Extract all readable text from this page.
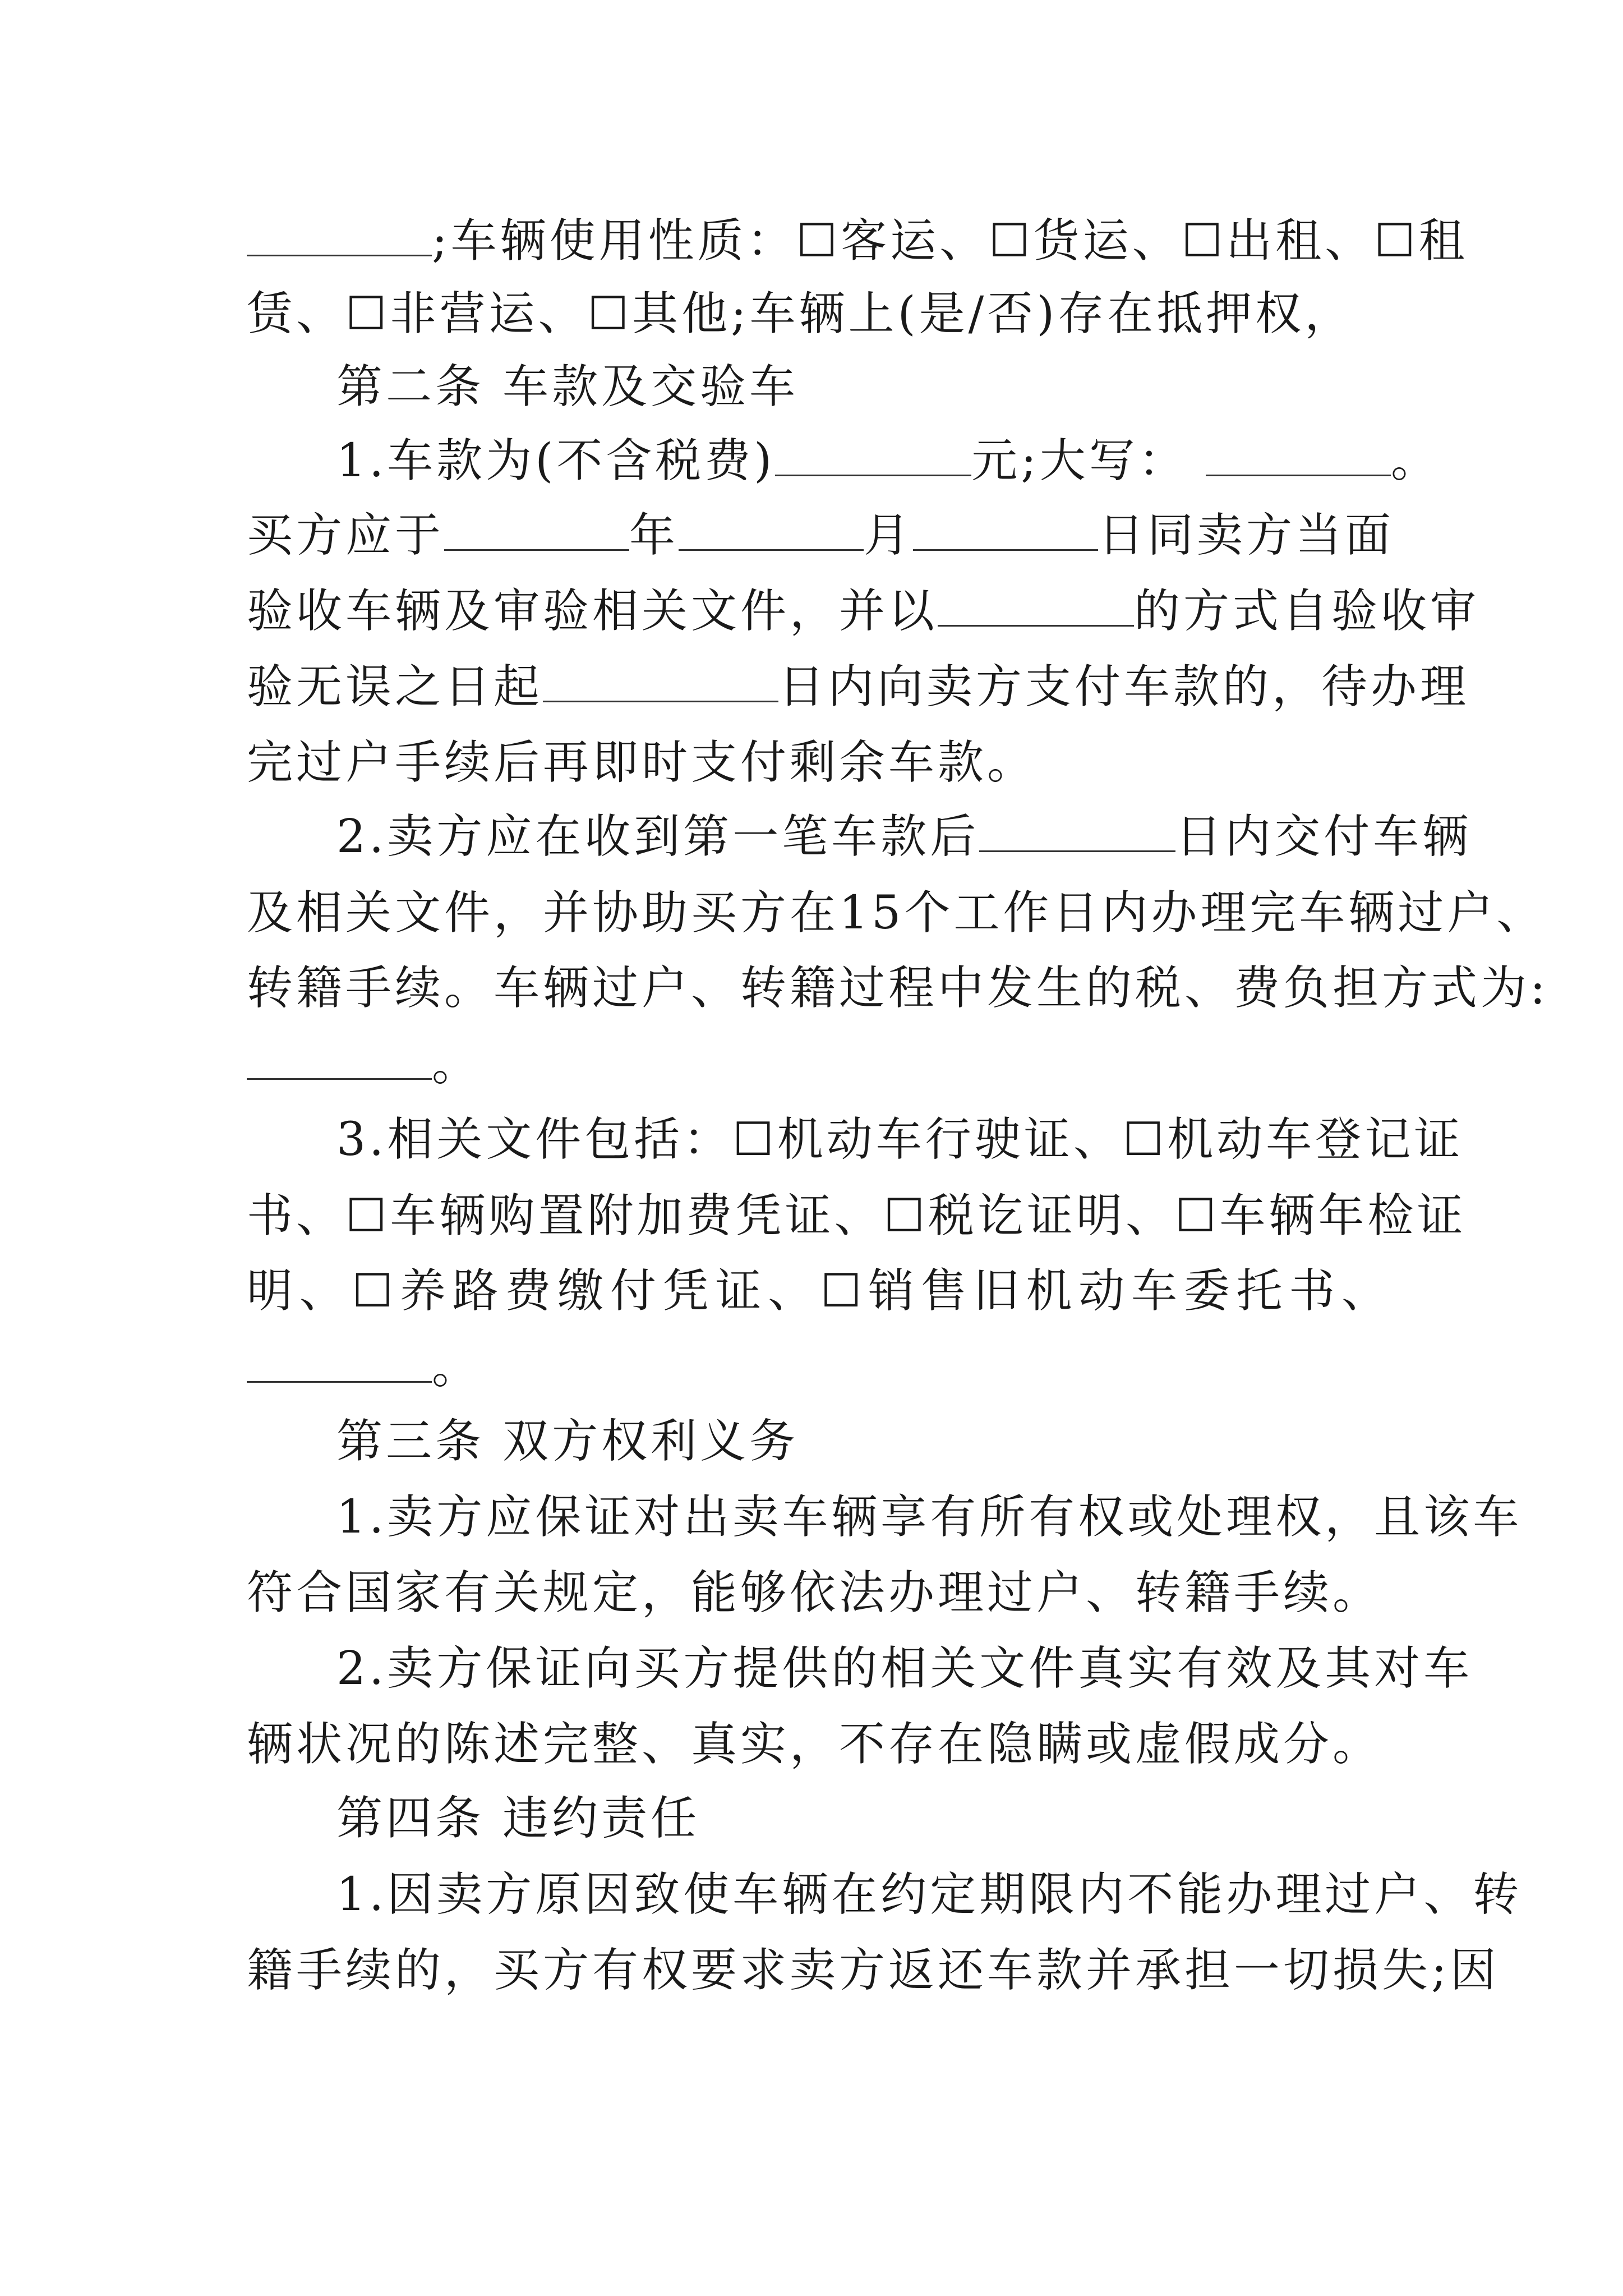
;车辆使用性质：☐客运、☐货运、☐出租、☐租
赁、☐非营运、☐其他;车辆上(是/否)存在抵押权，
第二条 车款及交验车
1.车款为(不含税费)	元;大写：	。
买方应于	年	月	日同卖方当面
验收车辆及审验相关文件，并以	的方式自验收审
验无误之日起	日内向卖方支付车款的，待办理
完过户手续后再即时支付剩余车款。
2.卖方应在收到第一笔车款后	日内交付车辆
及相关文件，并协助买方在15个工作日内办理完车辆过户、
转籍手续。车辆过户、转籍过程中发生的税、费负担方式为:
。
3.相关文件包括：☐机动车行驶证、☐机动车登记证
书、☐车辆购置附加费凭证、☐税讫证明、☐车辆年检证
明、☐养路费缴付凭证、☐销售旧机动车委托书、
。
第三条 双方权利义务
1.卖方应保证对出卖车辆享有所有权或处理权，且该车
符合国家有关规定，能够依法办理过户、转籍手续。
2.卖方保证向买方提供的相关文件真实有效及其对车
辆状况的陈述完整、真实，不存在隐瞒或虚假成分。
第四条 违约责任
1.因卖方原因致使车辆在约定期限内不能办理过户、转
籍手续的，买方有权要求卖方返还车款并承担一切损失;因
